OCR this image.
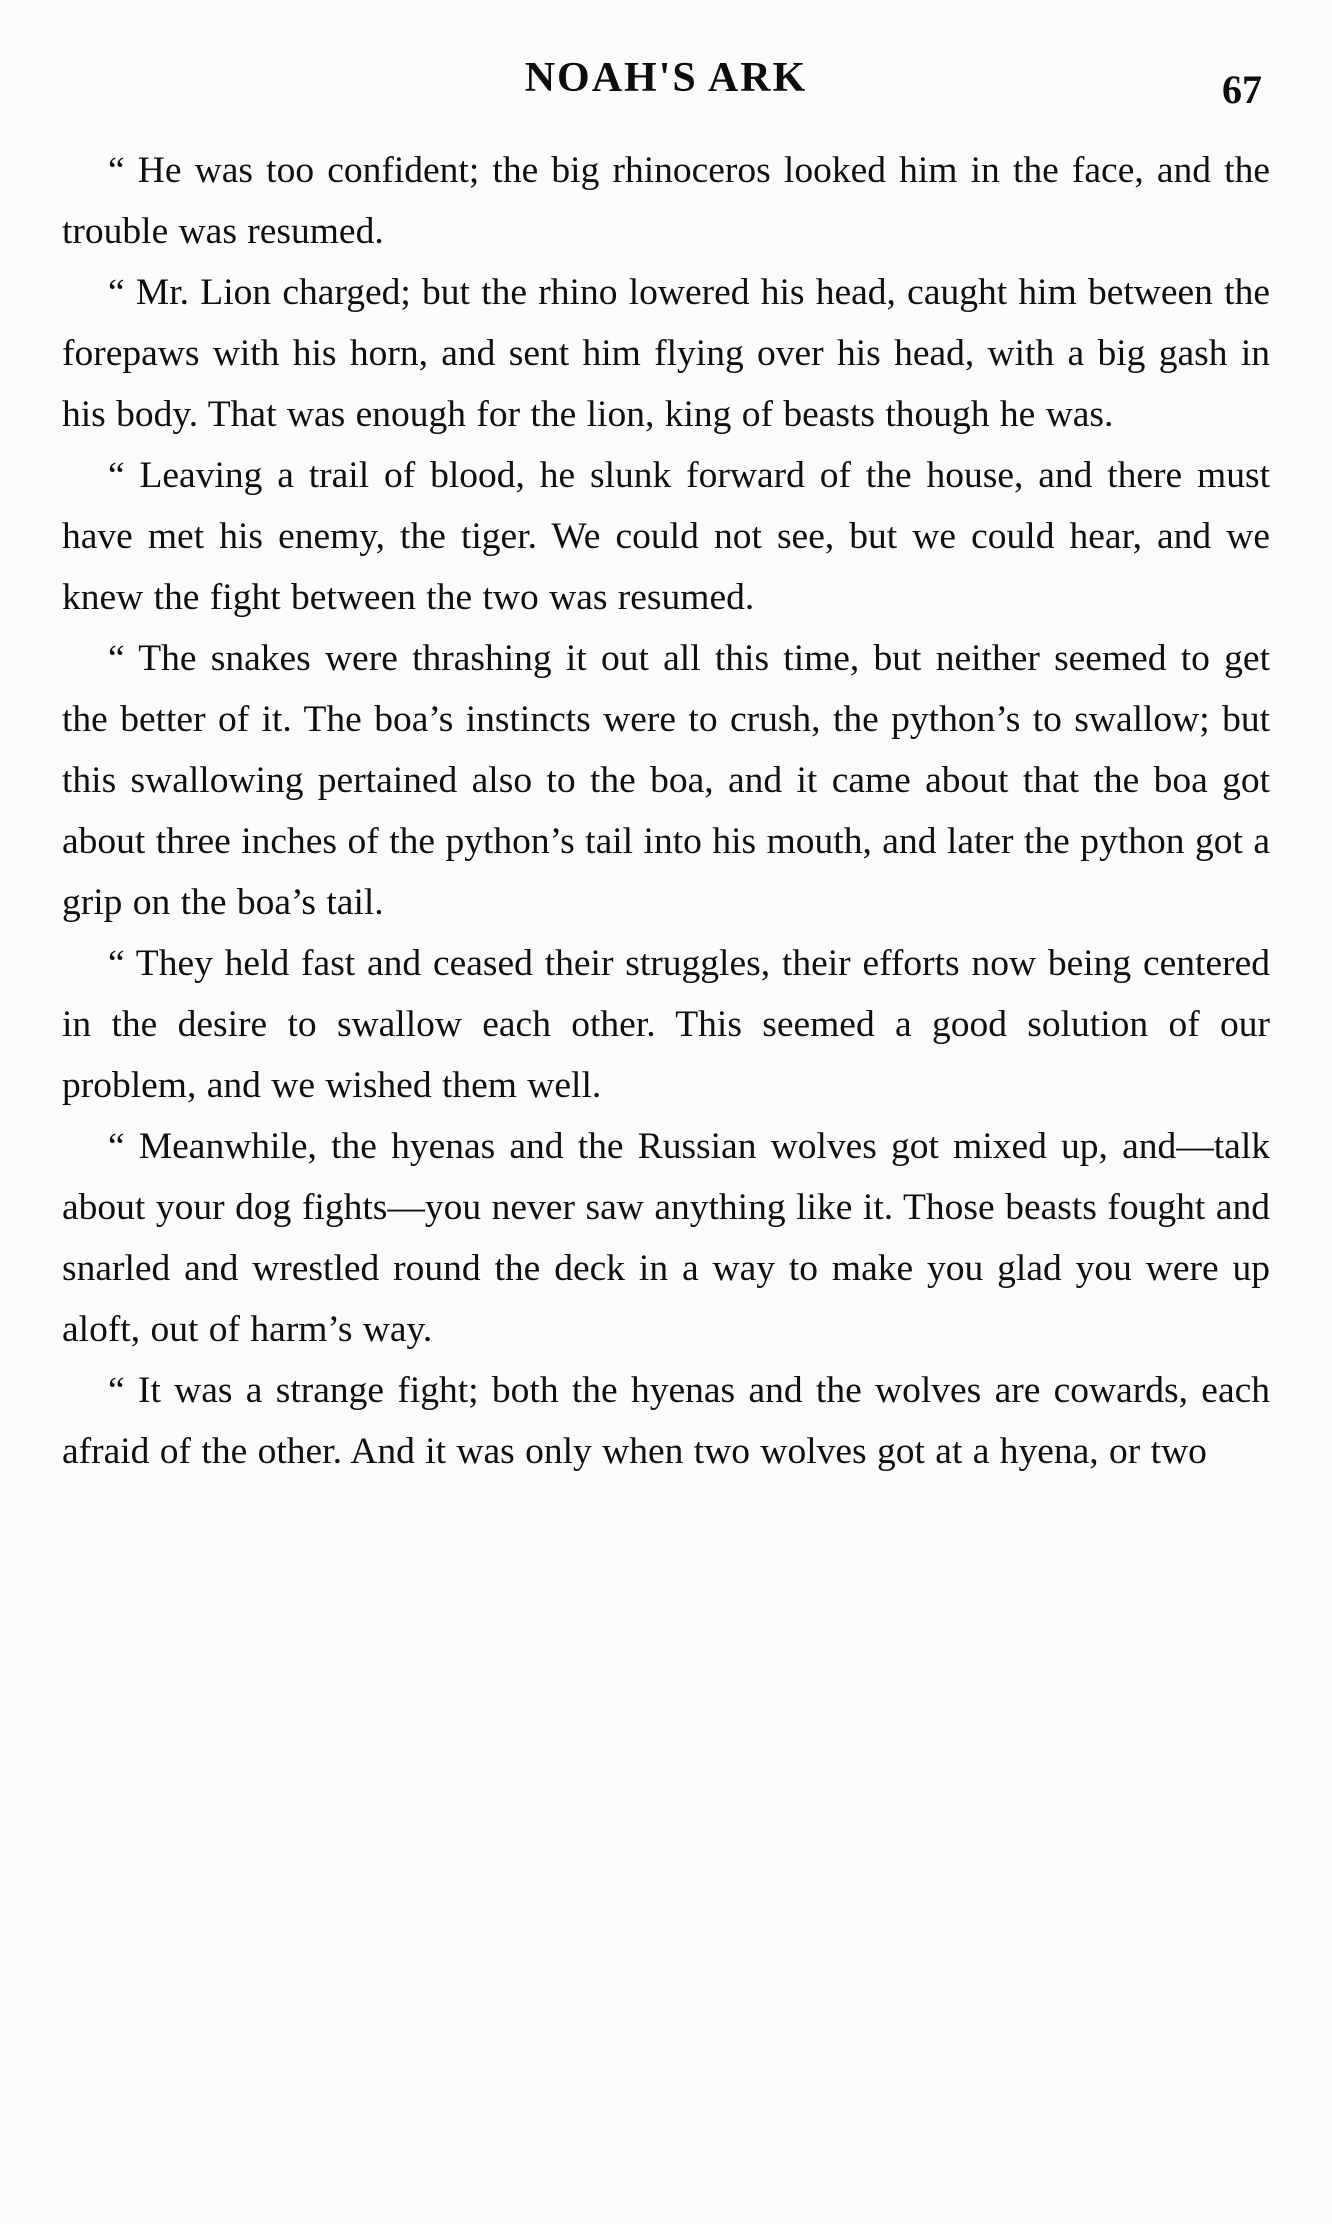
NOAH'S ARK	67

“ He was too confident; the big rhinoceros looked him in the face, and the trouble was resumed.

“ Mr. Lion charged; but the rhino lowered his head, caught him between the forepaws with his horn, and sent him flying over his head, with a big gash in his body. That was enough for the lion, king of beasts though he was.

“ Leaving a trail of blood, he slunk forward of the house, and there must have met his enemy, the tiger. We could not see, but we could hear, and we knew the fight between the two was resumed.

“ The snakes were thrashing it out all this time, but neither seemed to get the better of it. The boa’s instincts were to crush, the python’s to swallow; but this swallowing pertained also to the boa, and it came about that the boa got about three inches of the python’s tail into his mouth, and later the python got a grip on the boa’s tail.

“ They held fast and ceased their struggles, their efforts now being centered in the desire to swallow each other. This seemed a good solution of our problem, and we wished them well.

“ Meanwhile, the hyenas and the Russian wolves got mixed up, and—talk about your dog fights—you never saw anything like it. Those beasts fought and snarled and wrestled round the deck in a way to make you glad you were up aloft, out of harm’s way.

“ It was a strange fight; both the hyenas and the wolves are cowards, each afraid of the other. And it was only when two wolves got at a hyena, or two
